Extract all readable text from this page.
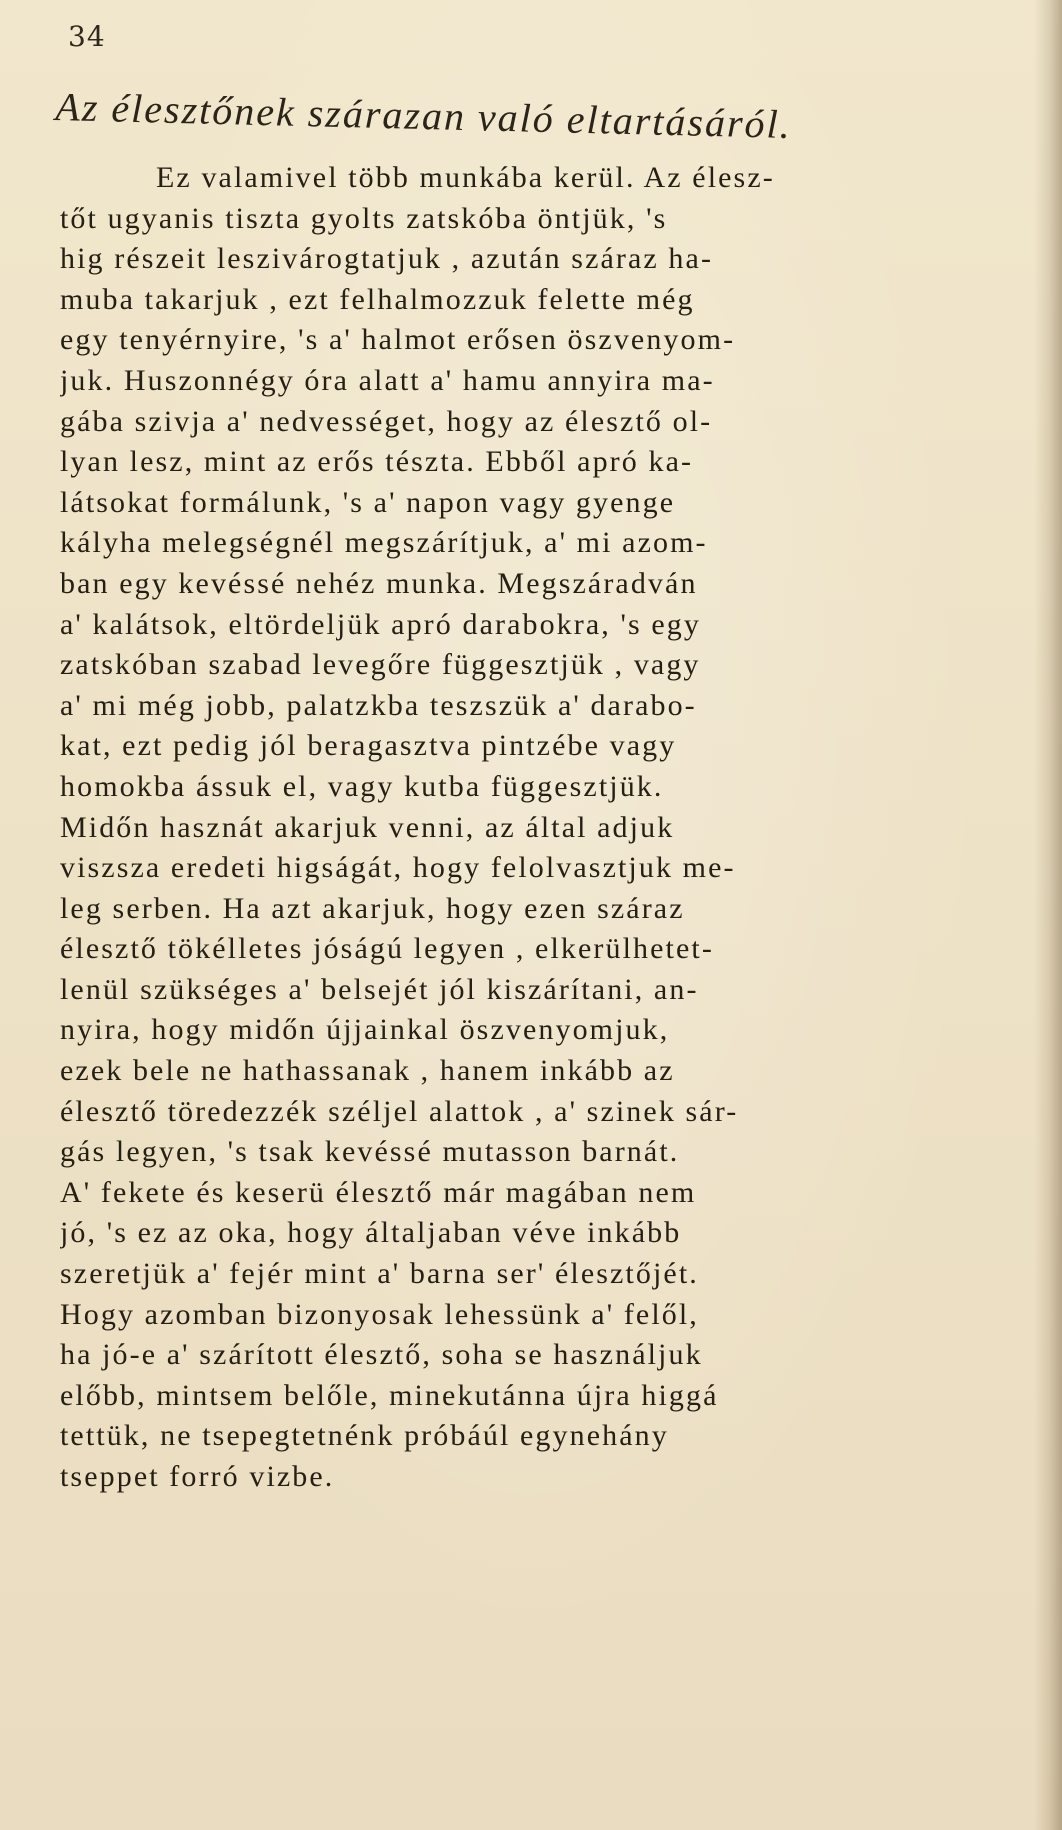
34
Az élesztőnek szárazan való eltartásáról.
Ez valamivel több munkába kerül. Az élesz-
tőt ugyanis tiszta gyolts zatskóba öntjük, 's
hig részeit leszivárogtatjuk , azután száraz ha-
muba takarjuk , ezt felhalmozzuk felette még
egy tenyérnyire, 's a' halmot erősen öszvenyom-
juk. Huszonnégy óra alatt a' hamu annyira ma-
gába szivja a' nedvességet, hogy az élesztő ol-
lyan lesz, mint az erős tészta. Ebből apró ka-
látsokat formálunk, 's a' napon vagy gyenge
kályha melegségnél megszárítjuk, a' mi azom-
ban egy kevéssé nehéz munka. Megszáradván
a' kalátsok, eltördeljük apró darabokra, 's egy
zatskóban szabad levegőre függesztjük , vagy
a' mi még jobb, palatzkba teszszük a' darabo-
kat, ezt pedig jól beragasztva pintzébe vagy
homokba ássuk el, vagy kutba függesztjük.
Midőn hasznát akarjuk venni, az által adjuk
viszsza eredeti higságát, hogy felolvasztjuk me-
leg serben. Ha azt akarjuk, hogy ezen száraz
élesztő tökélletes jóságú legyen , elkerülhetet-
lenül szükséges a' belsejét jól kiszárítani, an-
nyira, hogy midőn újjainkal öszvenyomjuk,
ezek bele ne hathassanak , hanem inkább az
élesztő töredezzék széljel alattok , a' szinek sár-
gás legyen, 's tsak kevéssé mutasson barnát.
A' fekete és keserü élesztő már magában nem
jó, 's ez az oka, hogy általjaban véve inkább
szeretjük a' fejér mint a' barna ser' élesztőjét.
Hogy azomban bizonyosak lehessünk a' felől,
ha jó-e a' szárított élesztő, soha se használjuk
előbb, mintsem belőle, minekutánna újra higgá
tettük, ne tsepegtetnénk próbáúl egynehány
tseppet forró vizbe.
